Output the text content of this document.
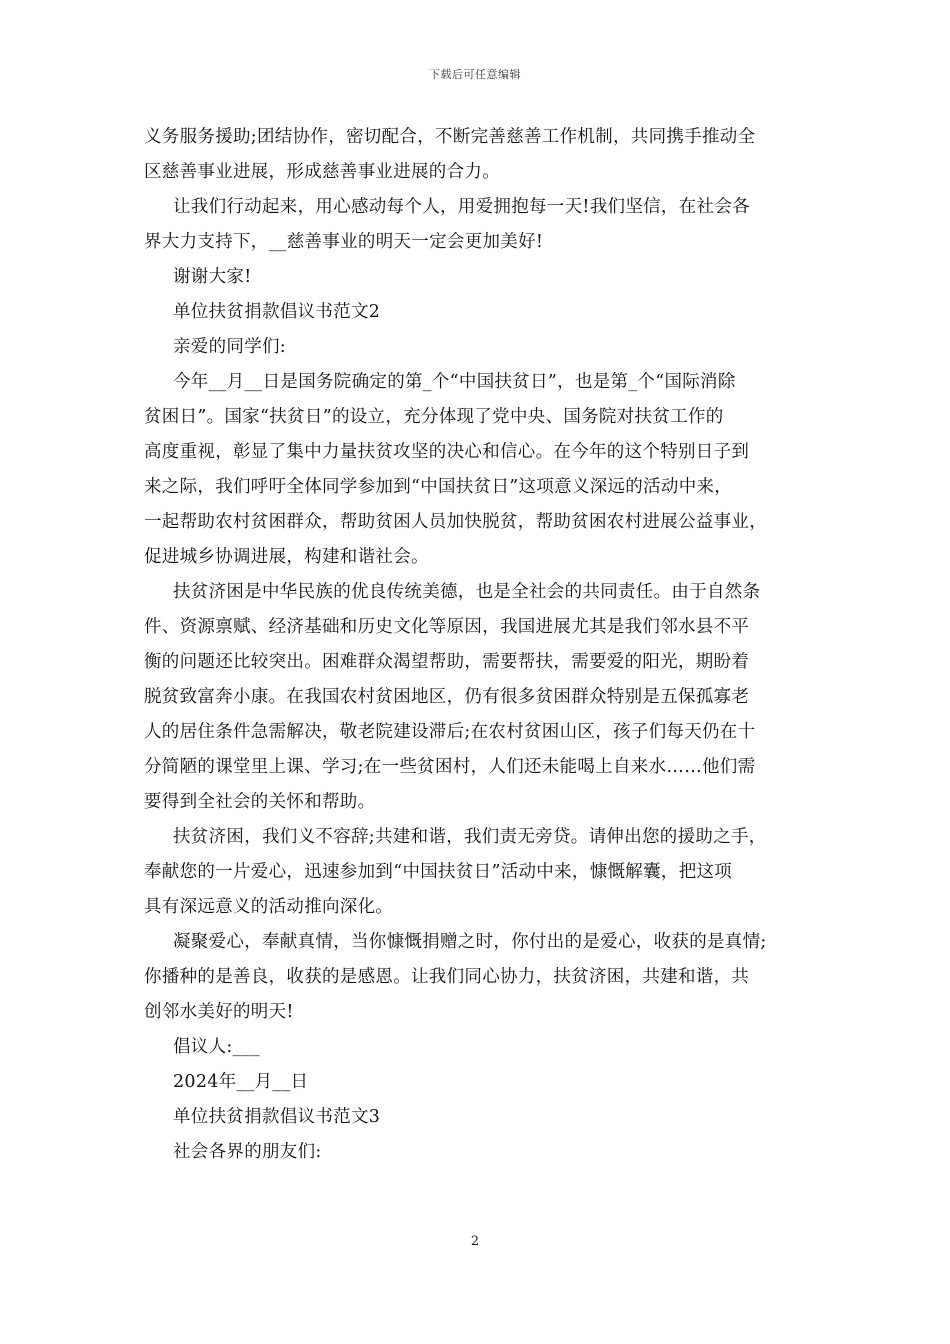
下载后可任意编辑
义务服务援助;团结协作，密切配合，不断完善慈善工作机制，共同携手推动全
区慈善事业进展，形成慈善事业进展的合力。
让我们行动起来，用心感动每个人，用爱拥抱每一天!我们坚信，在社会各
界大力支持下，__慈善事业的明天一定会更加美好!
谢谢大家!
单位扶贫捐款倡议书范文2
亲爱的同学们:
今年__月__日是国务院确定的第_个“中国扶贫日”，也是第_个“国际消除
贫困日”。国家“扶贫日”的设立，充分体现了党中央、国务院对扶贫工作的
高度重视，彰显了集中力量扶贫攻坚的决心和信心。在今年的这个特别日子到
来之际，我们呼吁全体同学参加到“中国扶贫日”这项意义深远的活动中来，
一起帮助农村贫困群众，帮助贫困人员加快脱贫，帮助贫困农村进展公益事业，
促进城乡协调进展，构建和谐社会。
扶贫济困是中华民族的优良传统美德，也是全社会的共同责任。由于自然条
件、资源禀赋、经济基础和历史文化等原因，我国进展尤其是我们邻水县不平
衡的问题还比较突出。困难群众渴望帮助，需要帮扶，需要爱的阳光，期盼着
脱贫致富奔小康。在我国农村贫困地区，仍有很多贫困群众特别是五保孤寡老
人的居住条件急需解决，敬老院建设滞后;在农村贫困山区，孩子们每天仍在十
分简陋的课堂里上课、学习;在一些贫困村，人们还未能喝上自来水……他们需
要得到全社会的关怀和帮助。
扶贫济困，我们义不容辞;共建和谐，我们责无旁贷。请伸出您的援助之手，
奉献您的一片爱心，迅速参加到“中国扶贫日”活动中来，慷慨解囊，把这项
具有深远意义的活动推向深化。
凝聚爱心，奉献真情，当你慷慨捐赠之时，你付出的是爱心，收获的是真情;
你播种的是善良，收获的是感恩。让我们同心协力，扶贫济困，共建和谐，共
创邻水美好的明天!
倡议人:___
2024年__月__日
单位扶贫捐款倡议书范文3
社会各界的朋友们:
2
